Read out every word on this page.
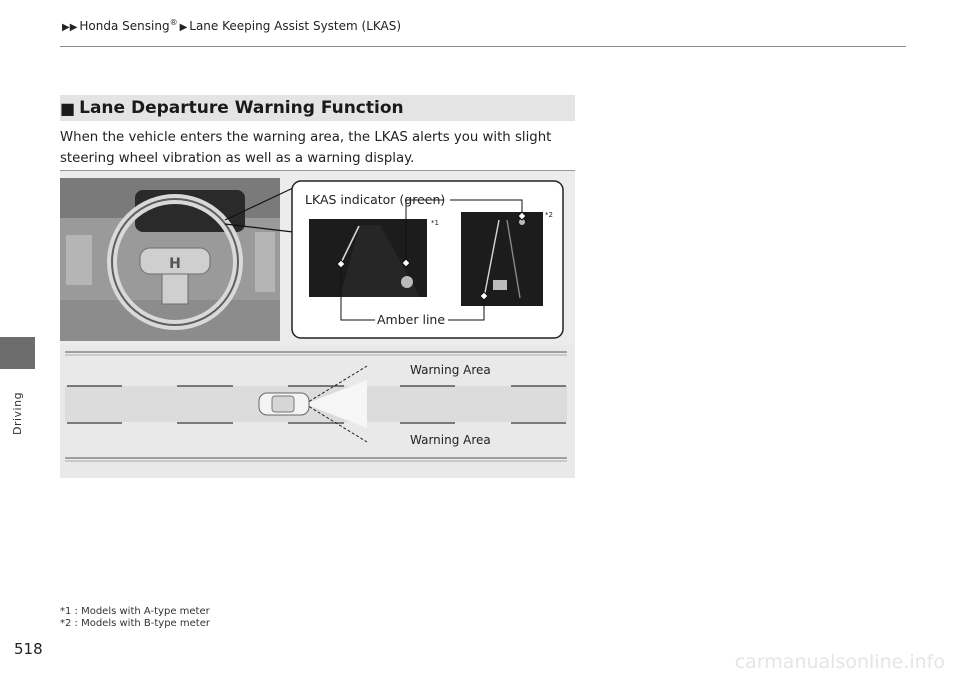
▶▶ Honda Sensing® ▶ Lane Keeping Assist System (LKAS)
Driving
■ Lane Departure Warning Function
When the vehicle enters the warning area, the LKAS alerts you with slight steering wheel vibration as well as a warning display.
H
LKAS indicator (green)
Amber line
*1
*2
Warning Area
Warning Area
*1 : Models with A-type meter
*2 : Models with B-type meter
518
carmanualsonline.info
